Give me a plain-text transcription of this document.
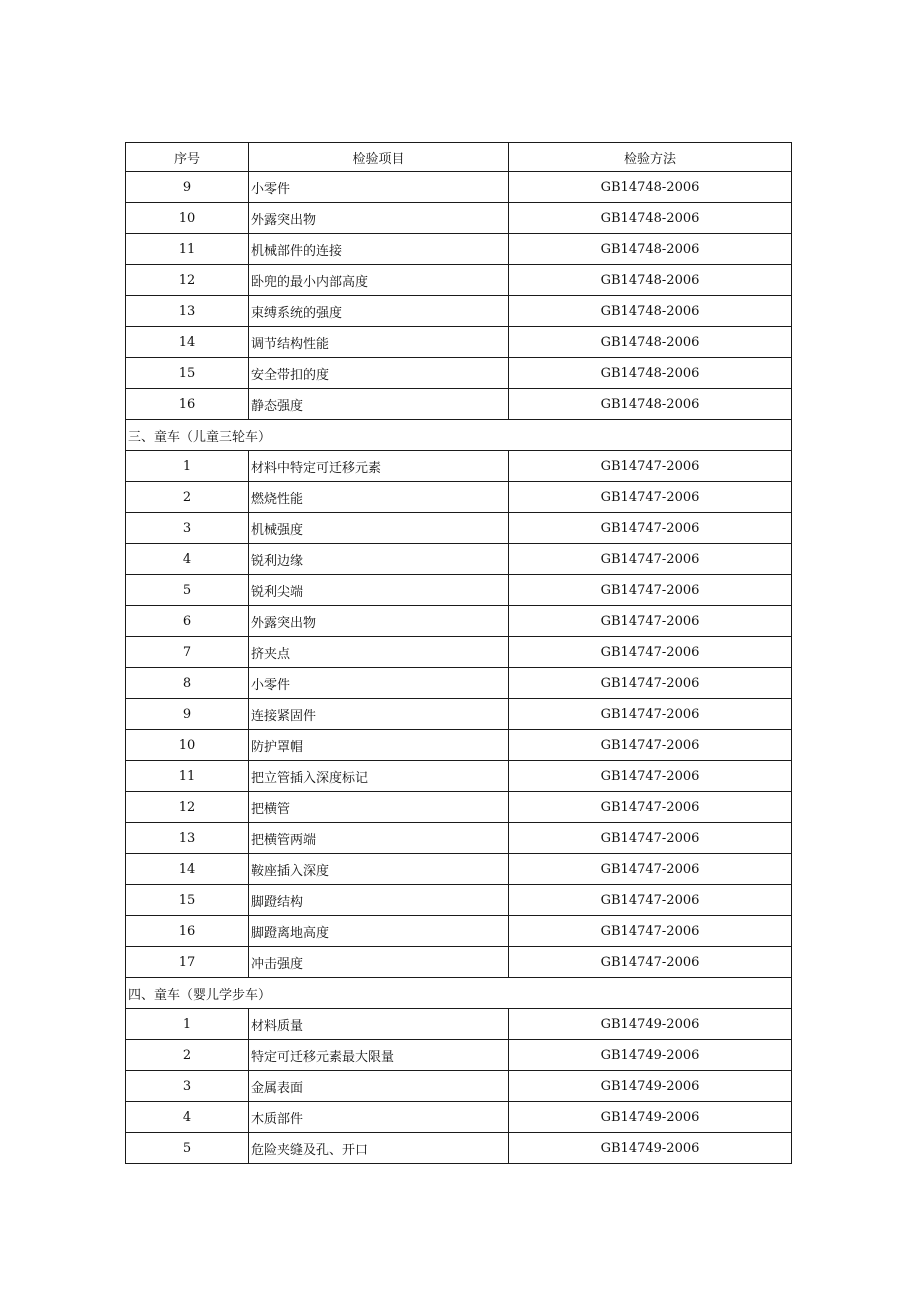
序号	检验项目	检验方法
9	小零件	GB14748-2006
10	外露突出物	GB14748-2006
11	机械部件的连接	GB14748-2006
12	卧兜的最小内部高度	GB14748-2006
13	束缚系统的强度	GB14748-2006
14	调节结构性能	GB14748-2006
15	安全带扣的度	GB14748-2006
16	静态强度	GB14748-2006
三、童车（儿童三轮车）		
1	材料中特定可迁移元素	GB14747-2006
2	燃烧性能	GB14747-2006
3	机械强度	GB14747-2006
4	锐利边缘	GB14747-2006
5	锐利尖端	GB14747-2006
6	外露突出物	GB14747-2006
7	挤夹点	GB14747-2006
8	小零件	GB14747-2006
9	连接紧固件	GB14747-2006
10	防护罩帽	GB14747-2006
11	把立管插入深度标记	GB14747-2006
12	把横管	GB14747-2006
13	把横管两端	GB14747-2006
14	鞍座插入深度	GB14747-2006
15	脚蹬结构	GB14747-2006
16	脚蹬离地高度	GB14747-2006
17	冲击强度	GB14747-2006
四、童车（婴儿学步车）		
1	材料质量	GB14749-2006
2	特定可迁移元素最大限量	GB14749-2006
3	金属表面	GB14749-2006
4	木质部件	GB14749-2006
5	危险夹缝及孔、开口	GB14749-2006
